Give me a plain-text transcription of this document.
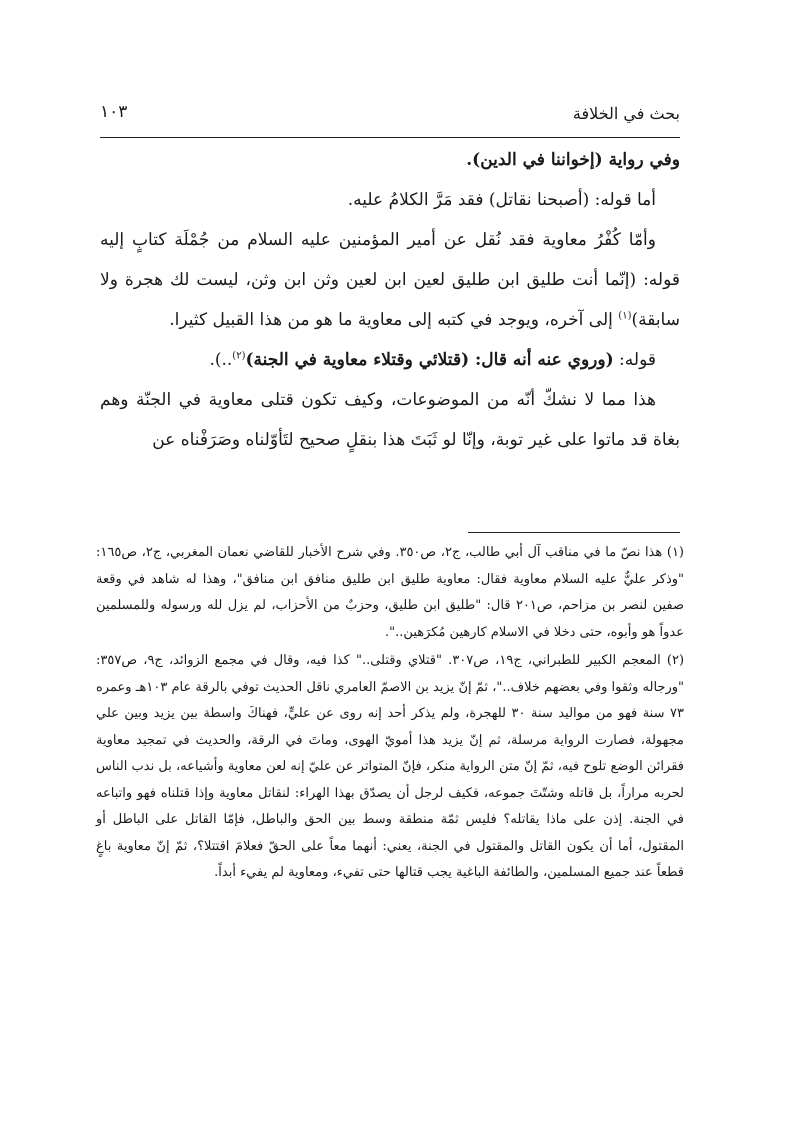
بحث في الخلافة
١٠٣

وفي رواية (إخواننا في الدين).

أما قوله: (أصبحنا نقاتل) فقد مَرَّ الكلامُ عليه.

وأمّا كُفْرُ معاوية فقد نُقل عن أمير المؤمنين عليه السلام من جُمْلَة كتابٍ إليه قوله: (إنّما أنت طليق ابن طليق لعين ابن لعين وثن ابن وثن، ليست لك هجرة ولا سابقة)$^{(١)}$ إلى آخره، ويوجد في كتبه إلى معاوية ما هو من هذا القبيل كثيرا.

قوله: (وروي عنه أنه قال: (قتلائي وقتلاء معاوية في الجنة)$^{(٢)}$..).

هذا مما لا نشكّ أنّه من الموضوعات، وكيف تكون قتلى معاوية في الجنّة وهم بغاة قد ماتوا على غير توبة، وإنّا لو ثَبَتَ هذا بنقلٍ صحيح لتَأوّلناه وصَرَفْناه عن

(١) هذا نصّ ما في مناقب آل أبي طالب، ج٢، ص٣٥٠. وفي شرح الأخبار للقاضي نعمان المغربي، ج٢، ص١٦٥: "وذكر عليٌّ عليه السلام معاوية فقال: معاوية طليق ابن طليق منافق ابن منافق"، وهذا له شاهد في وقعة صفين لنصر بن مزاحم، ص٢٠١ قال: "طليق ابن طليق، وحزبٌ من الأحزاب، لم يزل لله ورسوله وللمسلمين عدواً هو وأبوه، حتى دخلا في الاسلام كارهين مُكرَهين..".

(٢) المعجم الكبير للطبراني، ج١٩، ص٣٠٧. "قتلاي وقتلى.." كذا فيه، وقال في مجمع الزوائد، ج٩، ص٣٥٧: "ورجاله وثقوا وفي بعضهم خلاف.."، ثمّ إنّ يزيد بن الاصمّ العامري ناقل الحديث توفي بالرقة عام ١٠٣هـ وعمره ٧٣ سنة فهو من مواليد سنة ٣٠ للهجرة، ولم يذكر أحد إنه روى عن عليٍّ، فهناكَ واسطة بين يزيد وبين علي مجهولة، فصارت الرواية مرسلة، ثم إنّ يزيد هذا أمويّ الهوى، وماتَ في الرقة، والحديث في تمجيد معاوية فقرائن الوضع تلوح فيه، ثمّ إنّ متن الرواية منكر، فإنّ المتواتر عن عليّ إنه لعن معاوية وأشياعه، بل ندب الناس لحربه مراراً، بل قاتله وشتّتَ جموعه، فكيف لرجل أن يصدّق بهذا الهراء: لنقاتل معاوية وإذا قتلناه فهو واتباعه في الجنة. إذن على ماذا يقاتله؟ فليس ثمّة منطقة وسط بين الحق والباطل، فإمّا القاتل على الباطل أو المقتول، أما أن يكون القاتل والمقتول في الجنة، يعني: أنهما معاً على الحقّ فعلامَ اقتتلا؟، ثمّ إنّ معاوية باغٍ قطعاً عند جميع المسلمين، والطائفة الباغية يجب قتالها حتى تفيء، ومعاوية لم يفيء أبداً.
